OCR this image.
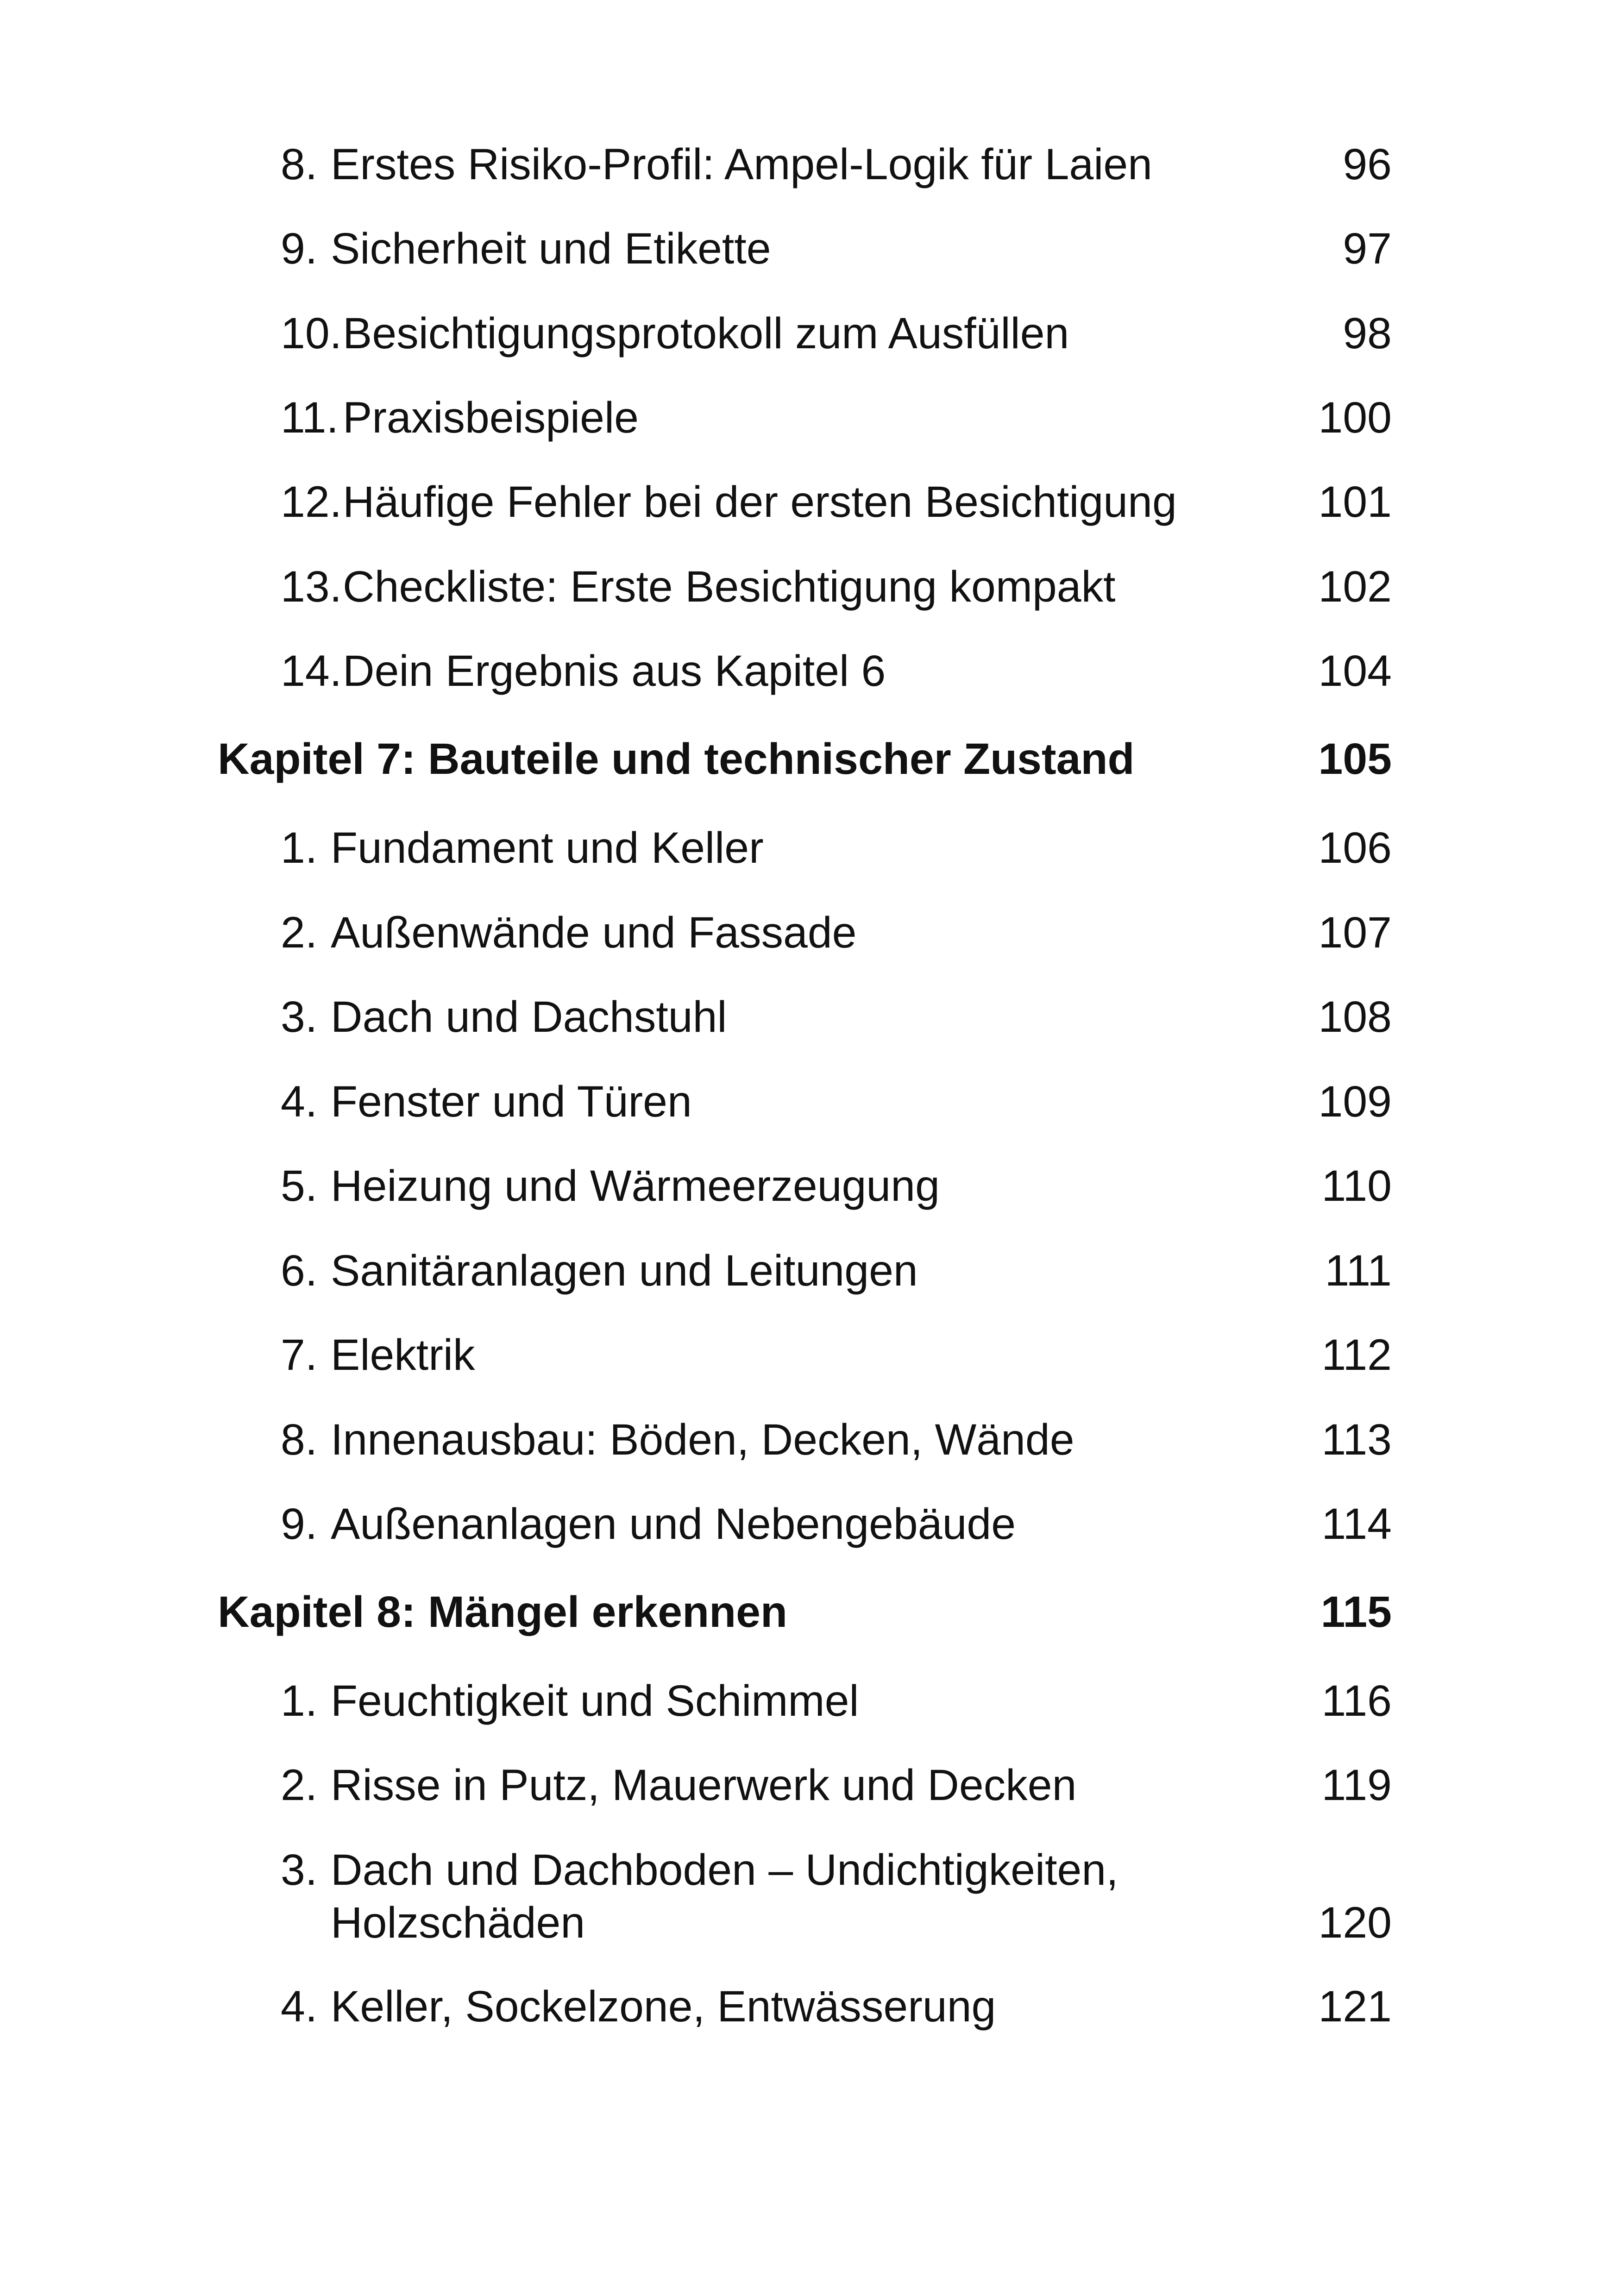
8. Erstes Risiko-Profil: Ampel-Logik für Laien	96
9. Sicherheit und Etikette	97
10. Besichtigungsprotokoll zum Ausfüllen	98
11. Praxisbeispiele	100
12. Häufige Fehler bei der ersten Besichtigung	101
13. Checkliste: Erste Besichtigung kompakt	102
14. Dein Ergebnis aus Kapitel 6	104
Kapitel 7: Bauteile und technischer Zustand	105
1. Fundament und Keller	106
2. Außenwände und Fassade	107
3. Dach und Dachstuhl	108
4. Fenster und Türen	109
5. Heizung und Wärmeerzeugung	110
6. Sanitäranlagen und Leitungen	111
7. Elektrik	112
8. Innenausbau: Böden, Decken, Wände	113
9. Außenanlagen und Nebengebäude	114
Kapitel 8: Mängel erkennen	115
1. Feuchtigkeit und Schimmel	116
2. Risse in Putz, Mauerwerk und Decken	119
3. Dach und Dachboden – Undichtigkeiten, Holzschäden	120
4. Keller, Sockelzone, Entwässerung	121
